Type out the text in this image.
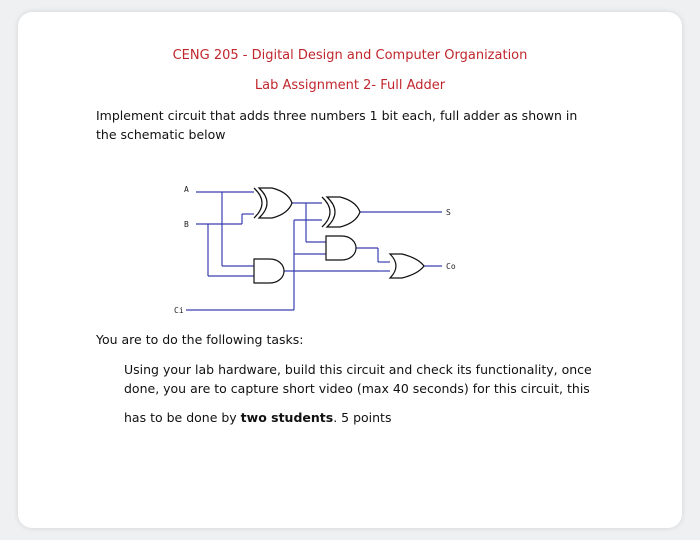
CENG 205 - Digital Design and Computer Organization
Lab Assignment 2- Full Adder
Implement circuit that adds three numbers 1 bit each, full adder as shown in
the schematic below
A
B
Ci
S
Co
You are to do the following tasks:

Using your lab hardware, build this circuit and check its functionality, once

done, you are to capture short video (max 40 seconds) for this circuit, this

has to be done by two students. 5 points
